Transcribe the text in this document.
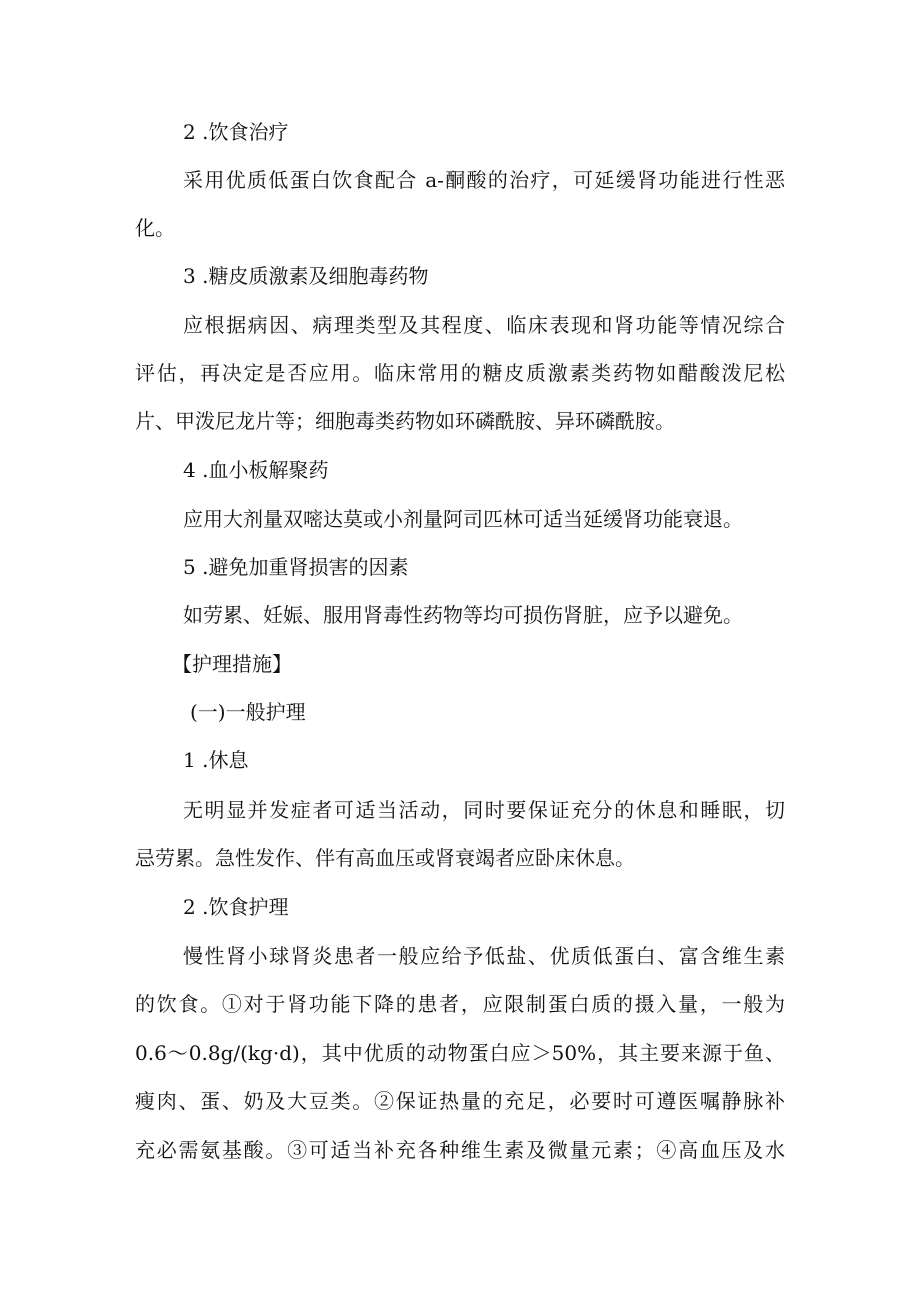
2 .饮食治疗
采用优质低蛋白饮食配合 a-酮酸的治疗，可延缓肾功能进行性恶
化。
3 .糖皮质激素及细胞毒药物
应根据病因、病理类型及其程度、临床表现和肾功能等情况综合
评估，再决定是否应用。临床常用的糖皮质激素类药物如醋酸泼尼松
片、甲泼尼龙片等；细胞毒类药物如环磷酰胺、异环磷酰胺。
4 .血小板解聚药
应用大剂量双嘧达莫或小剂量阿司匹林可适当延缓肾功能衰退。
5 .避免加重肾损害的因素
如劳累、妊娠、服用肾毒性药物等均可损伤肾脏，应予以避免。
【护理措施】
(一)一般护理
1 .休息
无明显并发症者可适当活动，同时要保证充分的休息和睡眠，切
忌劳累。急性发作、伴有高血压或肾衰竭者应卧床休息。
2 .饮食护理
慢性肾小球肾炎患者一般应给予低盐、优质低蛋白、富含维生素
的饮食。①对于肾功能下降的患者，应限制蛋白质的摄入量，一般为
0.6～0.8g/(kg·d)，其中优质的动物蛋白应＞50%，其主要来源于鱼、
瘦肉、蛋、奶及大豆类。②保证热量的充足，必要时可遵医嘱静脉补
充必需氨基酸。③可适当补充各种维生素及微量元素；④高血压及水
